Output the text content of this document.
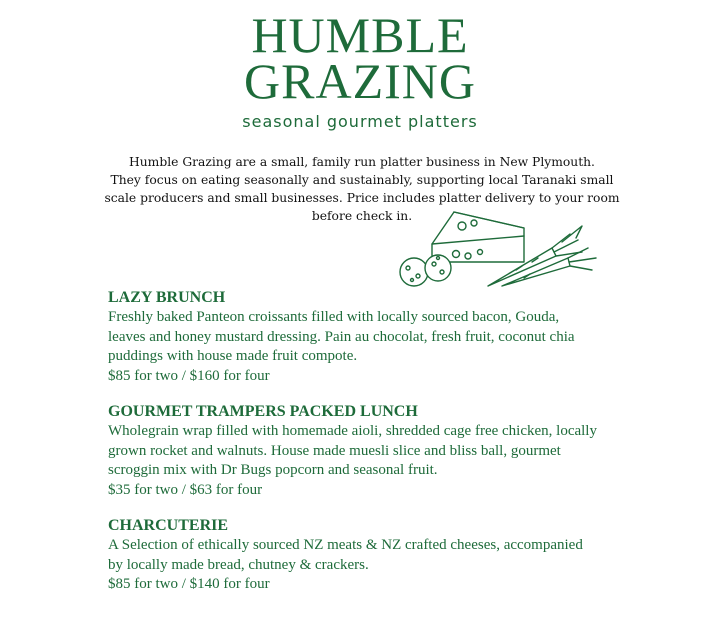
HUMBLE
GRAZING
seasonal gourmet platters
Humble Grazing are a small, family run platter business in New Plymouth.
They focus on eating seasonally and sustainably, supporting local Taranaki small
scale producers and small businesses. Price includes platter delivery to your room
before check in.
LAZY BRUNCH

Freshly baked Panteon croissants filled with locally sourced bacon, Gouda,

leaves and honey mustard dressing. Pain au chocolat, fresh fruit, coconut chia

puddings with house made fruit compote.

$85 for two / $160 for four

GOURMET TRAMPERS PACKED LUNCH

Wholegrain wrap filled with homemade aioli, shredded cage free chicken, locally

grown rocket and walnuts. House made muesli slice and bliss ball, gourmet

scroggin mix with Dr Bugs popcorn and seasonal fruit.

$35 for two / $63 for four

CHARCUTERIE

A Selection of ethically sourced NZ meats & NZ crafted cheeses, accompanied

by locally made bread, chutney & crackers.

$85 for two / $140 for four
